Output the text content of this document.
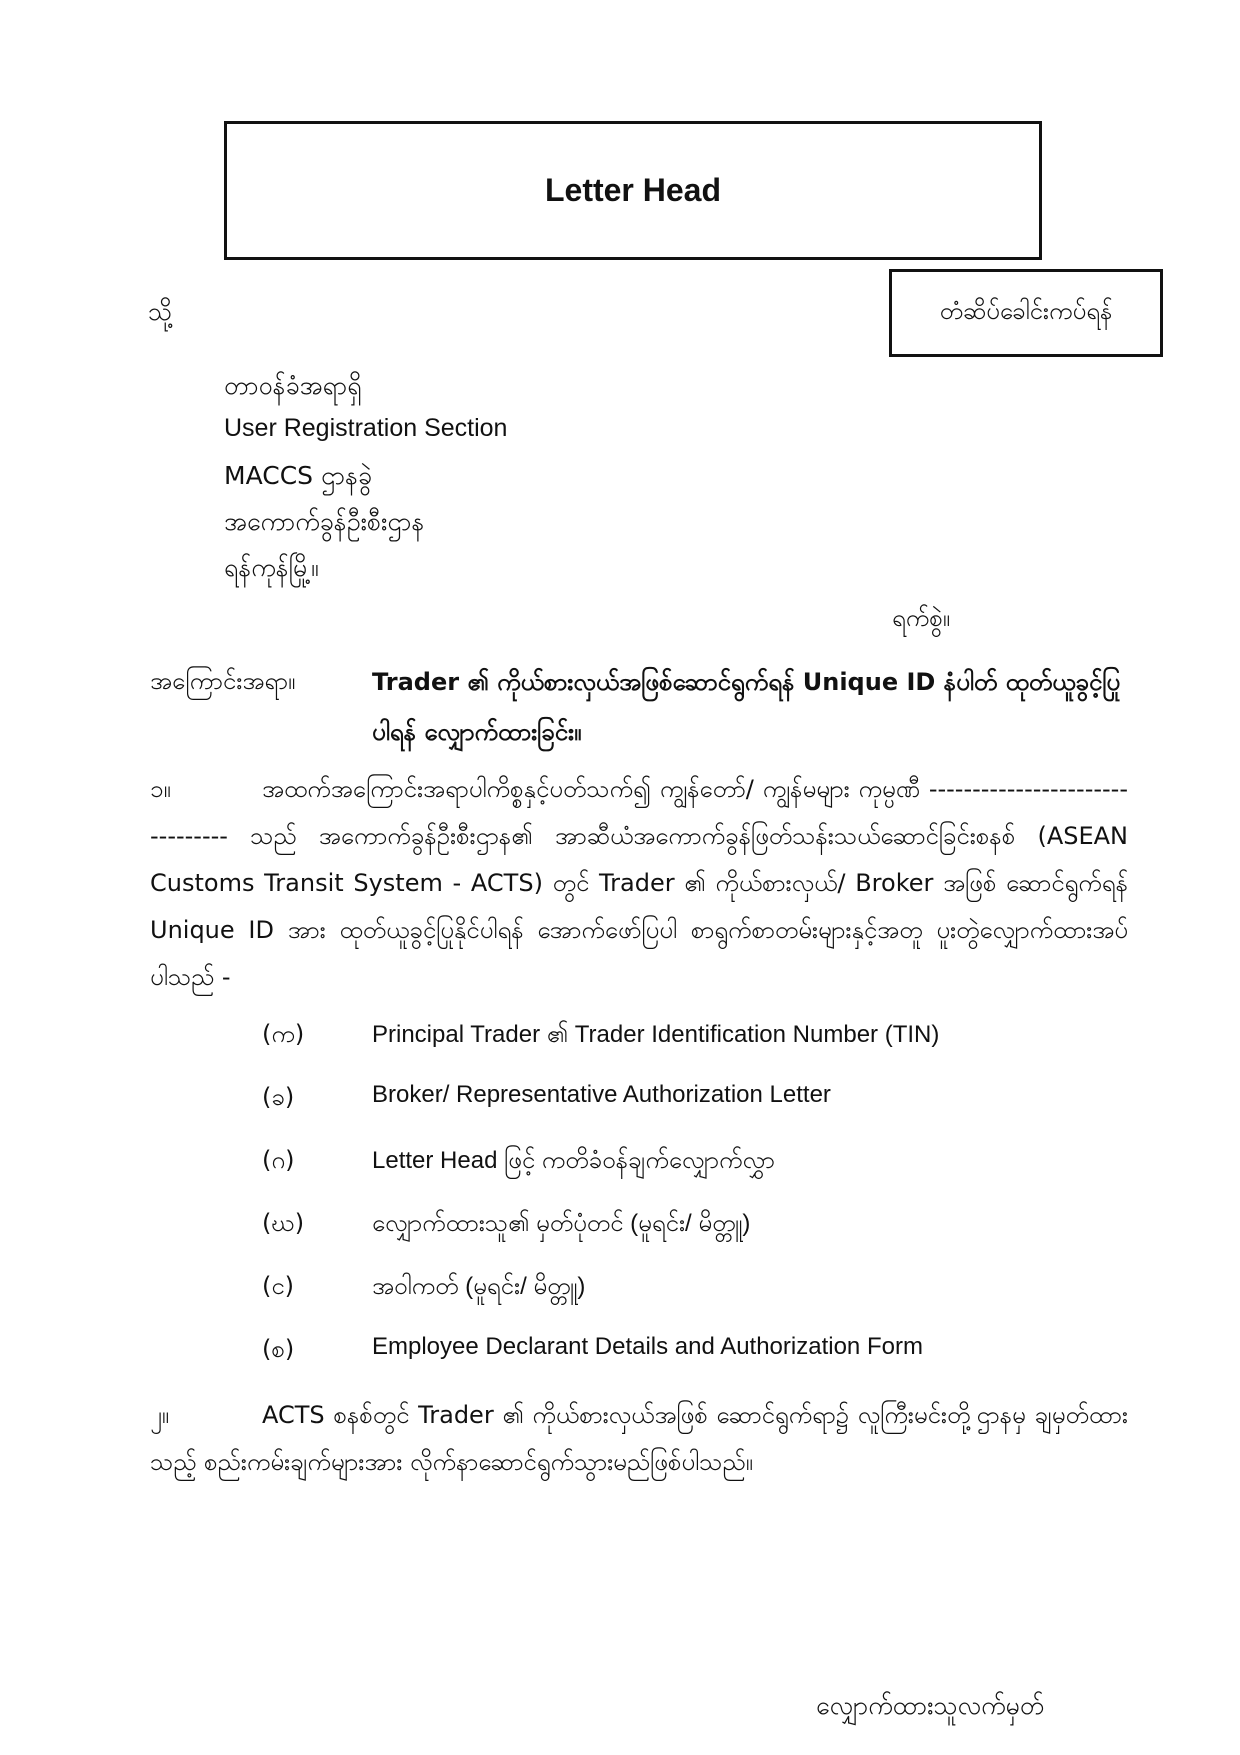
Letter Head
တံဆိပ်ခေါင်းကပ်ရန်
သို့
တာဝန်ခံအရာရှိ
User Registration Section
MACCS ဌာနခွဲ
အကောက်ခွန်ဦးစီးဌာန
ရန်ကုန်မြို့။
ရက်စွဲ။
အကြောင်းအရာ။	Trader ၏ ကိုယ်စားလှယ်အဖြစ်ဆောင်ရွက်ရန် Unique ID နံပါတ် ထုတ်ယူခွင့်ပြုပါရန် လျှောက်ထားခြင်း။
၁။	အထက်အကြောင်းအရာပါကိစ္စနှင့်ပတ်သက်၍ ကျွန်တော်/ ကျွန်မများ ကုမ္ပဏီ -------------------------------- သည် အကောက်ခွန်ဦးစီးဌာန၏ အာဆီယံအကောက်ခွန်ဖြတ်သန်းသယ်ဆောင်ခြင်းစနစ် (ASEAN Customs Transit System - ACTS) တွင် Trader ၏ ကိုယ်စားလှယ်/ Broker အဖြစ် ဆောင်ရွက်ရန် Unique ID အား ထုတ်ယူခွင့်ပြုနိုင်ပါရန် အောက်ဖော်ပြပါ စာရွက်စာတမ်းများနှင့်အတူ ပူးတွဲလျှောက်ထားအပ်ပါသည် -
(က)	Principal Trader ၏ Trader Identification Number (TIN)
(ခ)	Broker/ Representative Authorization Letter
(ဂ)	Letter Head ဖြင့် ကတိခံဝန်ချက်လျှောက်လွှာ
(ဃ)	လျှောက်ထားသူ၏ မှတ်ပုံတင် (မူရင်း/ မိတ္တူ)
(င)	အဝါကတ် (မူရင်း/ မိတ္တူ)
(စ)	Employee Declarant Details and Authorization Form
၂။	ACTS စနစ်တွင် Trader ၏ ကိုယ်စားလှယ်အဖြစ် ဆောင်ရွက်ရာ၌ လူကြီးမင်းတို့ဌာနမှ ချမှတ်ထားသည့် စည်းကမ်းချက်များအား လိုက်နာဆောင်ရွက်သွားမည်ဖြစ်ပါသည်။
လျှောက်ထားသူလက်မှတ်
